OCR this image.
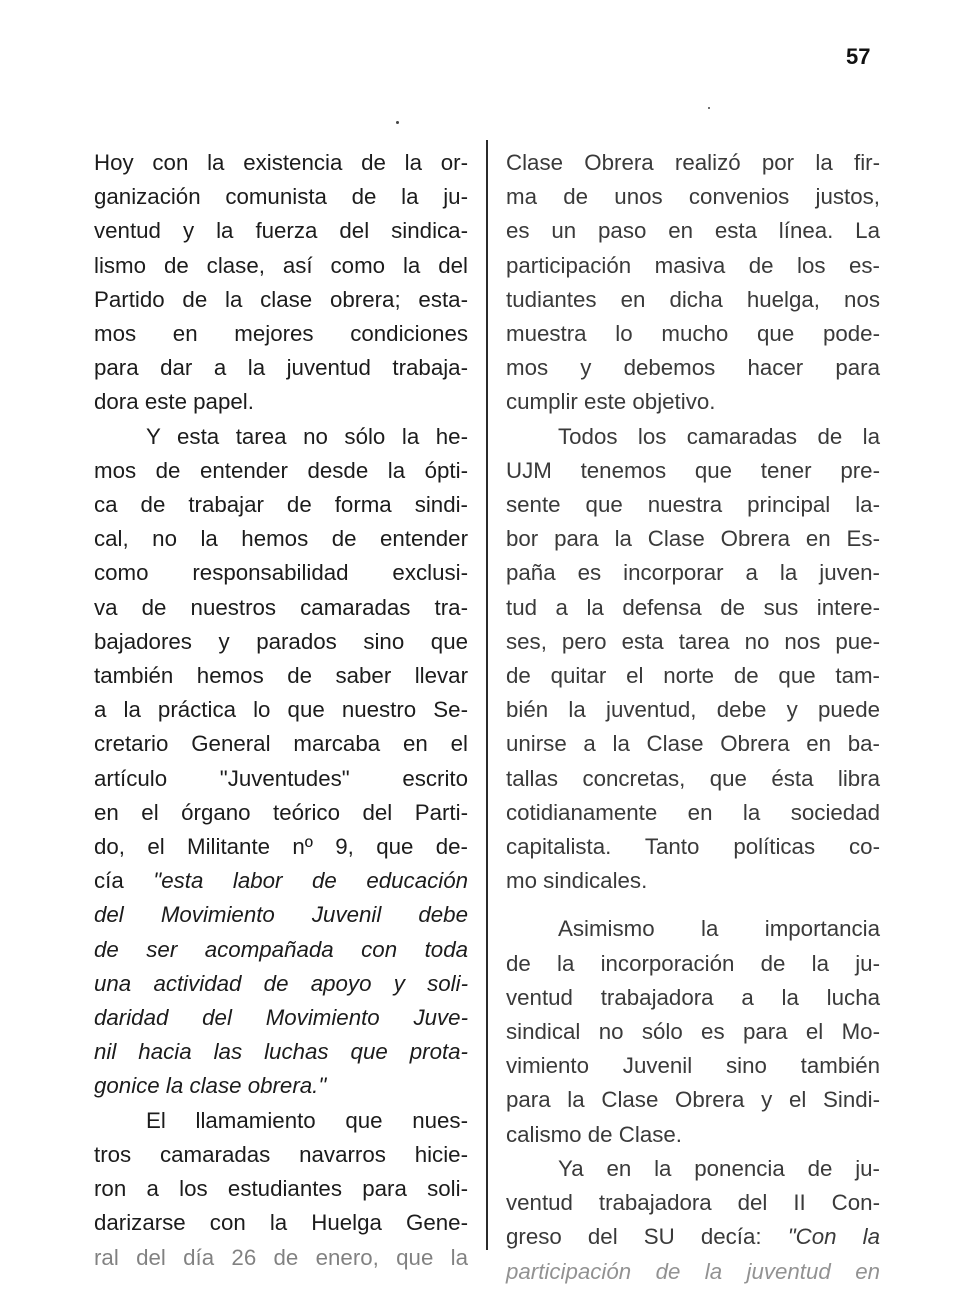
57
Hoy con la existencia de la or-
ganización comunista de la ju-
ventud y la fuerza del sindica-
lismo de clase, así como la del
Partido de la clase obrera; esta-
mos en mejores condiciones
para dar a la juventud trabaja-
dora este papel.
Y esta tarea no sólo la he-
mos de entender desde la ópti-
ca de trabajar de forma sindi-
cal, no la hemos de entender
como responsabilidad exclusi-
va de nuestros camaradas tra-
bajadores y parados sino que
también hemos de saber llevar
a la práctica lo que nuestro Se-
cretario General marcaba en el
artículo "Juventudes" escrito
en el órgano teórico del Parti-
do, el Militante nº 9, que de-
cía "esta labor de educación
del Movimiento Juvenil debe
de ser acompañada con toda
una actividad de apoyo y soli-
daridad del Movimiento Juve-
nil hacia las luchas que prota-
gonice la clase obrera."
El llamamiento que nues-
tros camaradas navarros hicie-
ron a los estudiantes para soli-
darizarse con la Huelga Gene-
ral del día 26 de enero, que la
Clase Obrera realizó por la fir-
ma de unos convenios justos,
es un paso en esta línea. La
participación masiva de los es-
tudiantes en dicha huelga, nos
muestra lo mucho que pode-
mos y debemos hacer para
cumplir este objetivo.
Todos los camaradas de la
UJM tenemos que tener pre-
sente que nuestra principal la-
bor para la Clase Obrera en Es-
paña es incorporar a la juven-
tud a la defensa de sus intere-
ses, pero esta tarea no nos pue-
de quitar el norte de que tam-
bién la juventud, debe y puede
unirse a la Clase Obrera en ba-
tallas concretas, que ésta libra
cotidianamente en la sociedad
capitalista. Tanto políticas co-
mo sindicales.
Asimismo la importancia
de la incorporación de la ju-
ventud trabajadora a la lucha
sindical no sólo es para el Mo-
vimiento Juvenil sino también
para la Clase Obrera y el Sindi-
calismo de Clase.
Ya en la ponencia de ju-
ventud trabajadora del II Con-
greso del SU decía: "Con la
participación de la juventud en
